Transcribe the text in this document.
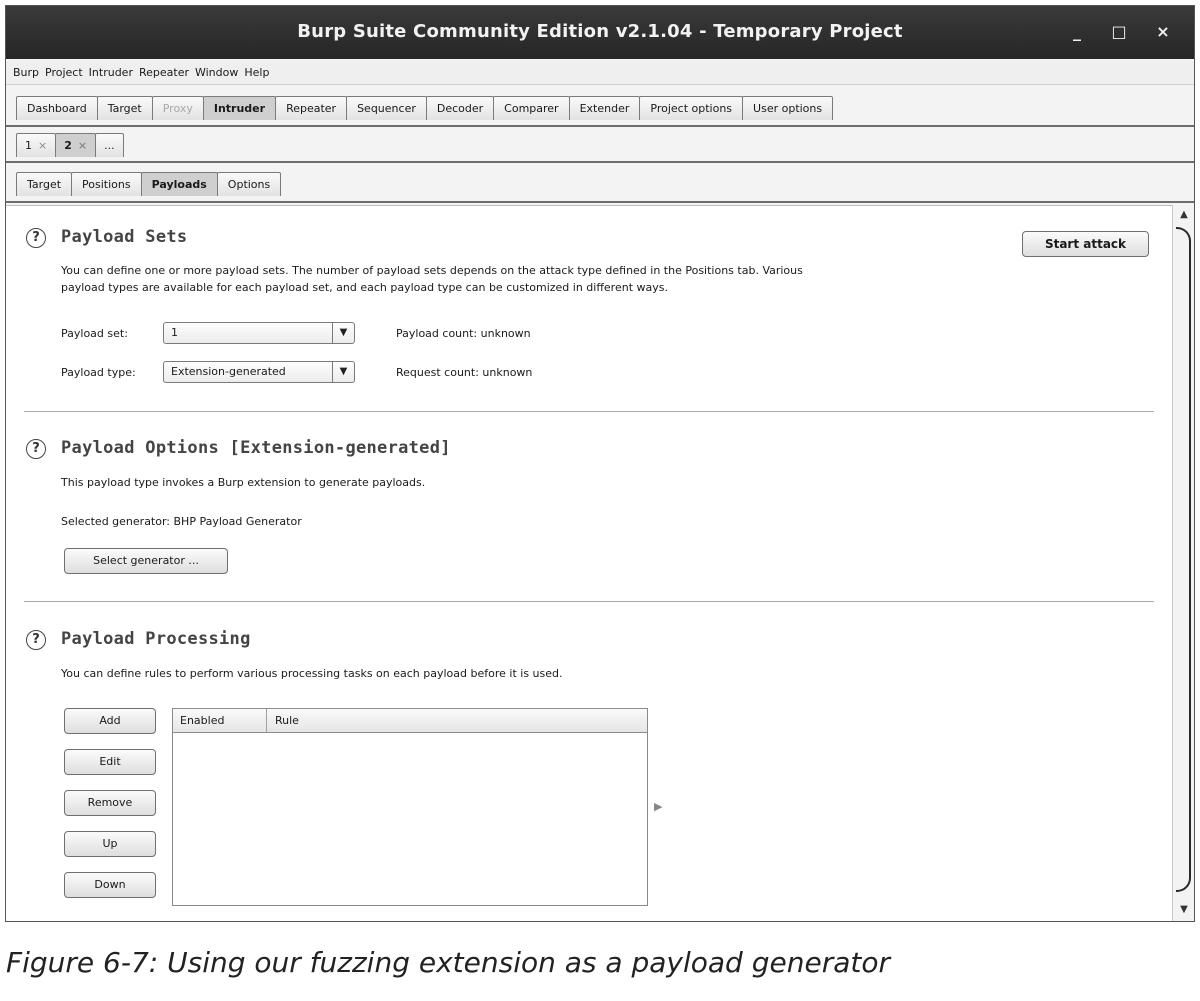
Burp Suite Community Edition v2.1.04 - Temporary Project	_	□	×
Burp Project Intruder Repeater Window Help
Dashboard Target Proxy Intruder Repeater Sequencer Decoder Comparer Extender Project options User options
1 × 2 × ...
Target Positions Payloads Options
?	Payload Sets	Start attack
You can define one or more payload sets. The number of payload sets depends on the attack type defined in the Positions tab. Various
payload types are available for each payload set, and each payload type can be customized in different ways.
Payload set:	1	▼	Payload count: unknown
Payload type:	Extension-generated	▼	Request count: unknown
?	Payload Options [Extension-generated]
This payload type invokes a Burp extension to generate payloads.
Selected generator: BHP Payload Generator
Select generator ...
?	Payload Processing
You can define rules to perform various processing tasks on each payload before it is used.
Add
Edit
Remove
Up
Down
Enabled	Rule
▶
▲
▼
Figure 6-7: Using our fuzzing extension as a payload generator
